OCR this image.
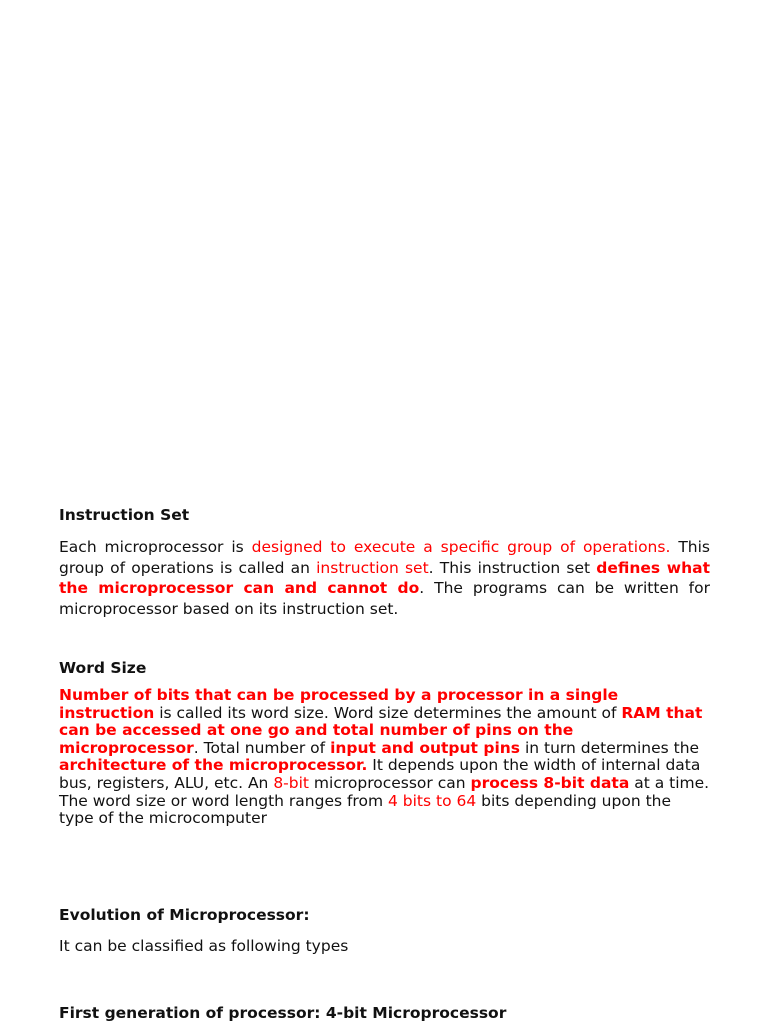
Instruction Set

Each microprocessor is designed to execute a specific group of operations. This group of operations is called an instruction set. This instruction set defines what the microprocessor can and cannot do. The programs can be written for microprocessor based on its instruction set.

Word Size

Number of bits that can be processed by a processor in a single instruction is called its word size. Word size determines the amount of RAM that can be accessed at one go and total number of pins on the microprocessor. Total number of input and output pins in turn determines the architecture of the microprocessor. It depends upon the width of internal data bus, registers, ALU, etc. An 8-bit microprocessor can process 8-bit data at a time. The word size or word length ranges from 4 bits to 64 bits depending upon the type of the microcomputer

Evolution of Microprocessor:

It can be classified as following types

First generation of processor: 4-bit Microprocessor
